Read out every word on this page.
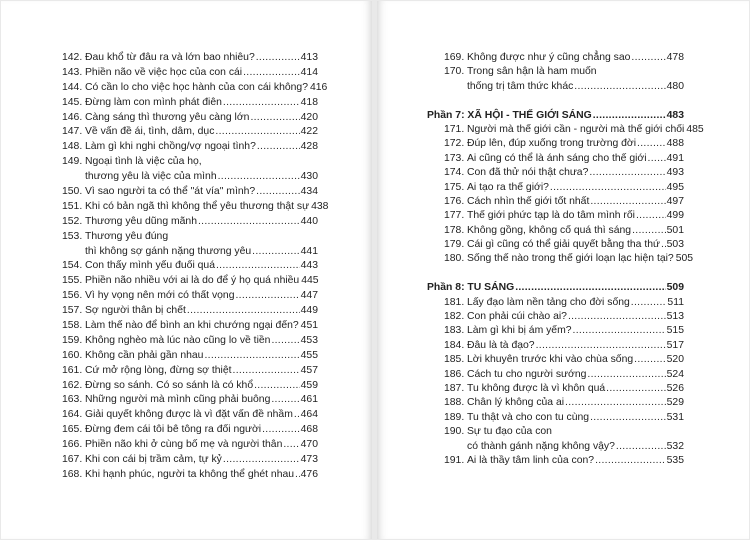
142. Đau khổ từ đâu ra và lớn bao nhiêu? .....	413
143. Phiền não về việc học của con cái .....	414
144. Có cần lo cho việc học hành của con cái không? 416
145. Đừng làm con mình phát điên .....	418
146. Càng sáng thì thương yêu càng lớn .....	420
147. Về vấn đề ái, tình, dâm, dục .....	422
148. Làm gì khi nghi chồng/vợ ngoại tình? .....	428
149. Ngoại tình là việc của họ,
thương yêu là việc của mình .....	430
150. Vì sao người ta có thể "át vía" mình? .....	434
151. Khi có bản ngã thì không thể yêu thương thật sự 438
152. Thương yêu dũng mãnh .....	440
153. Thương yêu đúng
thì không sợ gánh nặng thương yêu .....	441
154. Con thấy mình yếu đuối quá .....	443
155. Phiền não nhiều với ai là do để ý họ quá nhiều 445
156. Vì hy vọng nên mới có thất vọng .....	447
157. Sợ người thân bị chết .....	449
158. Làm thế nào để bình an khi chướng ngại đến? 451
159. Không nghèo mà lúc nào cũng lo về tiền .....	453
160. Không cần phải gần nhau .....	455
161. Cứ mở rộng lòng, đừng sợ thiệt .....	457
162. Đừng so sánh. Có so sánh là có khổ .....	459
163. Những người mà mình cũng phải buông .....	461
164. Giải quyết không được là vì đặt vấn đề nhầm ..... 464
165. Đừng đem cái tôi bê tông ra đối người .....	468
166. Phiền não khi ở cùng bố mẹ và người thân ..... 470
167. Khi con cái bị trầm cảm, tự kỷ .....	473
168. Khi hạnh phúc, người ta không thể ghét nhau ..... 476
169. Không được như ý cũng chẳng sao .....	478
170. Trong sân hận là ham muốn
thống trị tâm thức khác .....	480
Phần 7: XÃ HỘI - THẾ GIỚI SÁNG .....	483
171. Người mà thế giới cần - người mà thế giới chối 485
172. Đúp lên, đúp xuống trong trường đời .....	488
173. Ai cũng có thể là ánh sáng cho thế giới ..... 491
174. Con đã thử nói thật chưa? .....	493
175. Ai tạo ra thế giới? .....	495
176. Cách nhìn thế giới tốt nhất .....	497
177. Thế giới phức tạp là do tâm mình rối .....	499
178. Không gồng, không cố quá thì sáng .....	501
179. Cái gì cũng có thể giải quyết bằng tha thứ ..... 503
180. Sống thế nào trong thế giới loạn lạc hiện tại? 505
Phần 8: TU SÁNG .....	509
181. Lấy đạo làm nền tảng cho đời sống .....	511
182. Con phải cúi chào ai? .....	513
183. Làm gì khi bị ám yếm? .....	515
184. Đâu là tà đạo? .....	517
185. Lời khuyên trước khi vào chùa sống .....	520
186. Cách tu cho người sướng .....	524
187. Tu không được là vì khôn quá .....	526
188. Chân lý không của ai .....	529
189. Tu thật và cho con tu cùng .....	531
190. Sự tu đạo của con
có thành gánh nặng không vậy? .....	532
191. Ai là thầy tâm linh của con? .....	535
